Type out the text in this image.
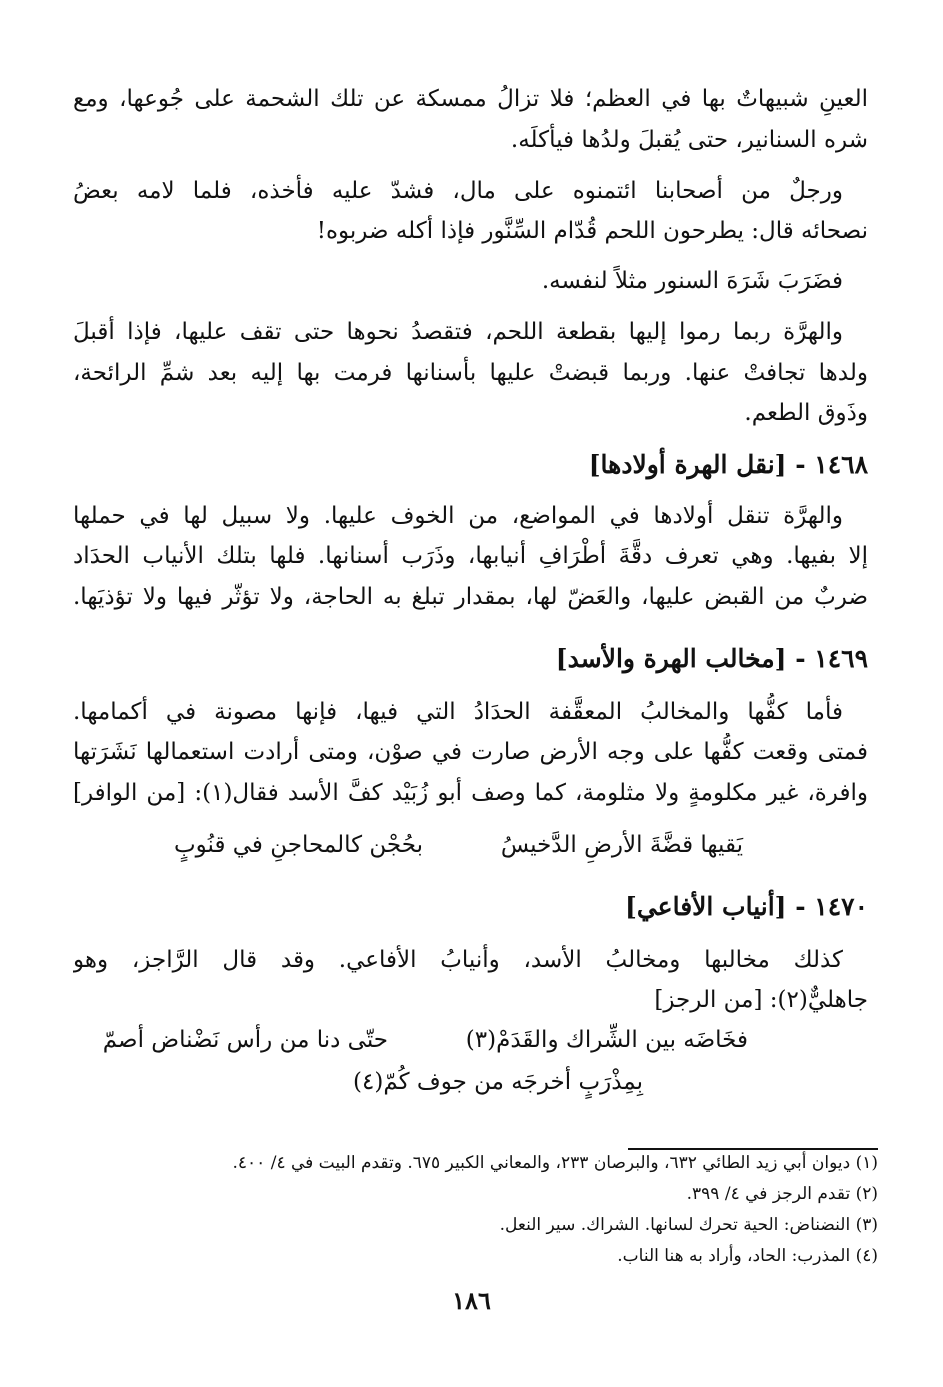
العينِ شبيهاتٌ بها في العظم؛ فلا تزالُ ممسكة عن تلك الشحمة على جُوعها، ومع
شره السنانير، حتى يُقبلَ ولدُها فيأكلَه.
ورجلٌ من أصحابنا ائتمنوه على مال، فشدّ عليه فأخذه، فلما لامه بعضُ
نصحائه قال: يطرحون اللحم قُدّام السِّنَّور فإذا أكله ضربوه!
فضَرَبَ شَرَهَ السنور مثلاً لنفسه.
والهرَّة ربما رموا إليها بقطعة اللحم، فتقصدُ نحوها حتى تقف عليها، فإذا أقبلَ
ولدها تجافتْ عنها. وربما قبضتْ عليها بأسنانها فرمت بها إليه بعد شمِّ الرائحة،
وذَوق الطعم.
١٤٦٨ - [نقل الهرة أولادها]
والهرَّة تنقل أولادها في المواضع، من الخوف عليها. ولا سبيل لها في حملها
إلا بفيها. وهي تعرف دقَّةَ أطْرَافِ أنيابها، وذَرَب أسنانها. فلها بتلك الأنياب الحدَاد
ضربٌ من القبض عليها، والعَضّ لها، بمقدار تبلغ به الحاجة، ولا تؤثّر فيها ولا تؤذيَها.
١٤٦٩ - [مخالب الهرة والأسد]
فأما كفُّها والمخالبُ المعقَّفة الحدَادُ التي فيها، فإنها مصونة في أكمامها.
فمتى وقعت كفُّها على وجه الأرض صارت في صوْن، ومتى أرادت استعمالها نَشَرَتها
وافرة، غير مكلومةٍ ولا مثلومة، كما وصف أبو زُبَيْد كفَّ الأسد فقال(١): [من الوافر]
بحُجْن كالمحاجنِ في قنُوبٍ	يَقيها قضَّةَ الأرضِ الدَّخيسُ
١٤٧٠ - [أنياب الأفاعي]
كذلك مخالبها ومخالبُ الأسد، وأنيابُ الأفاعي. وقد قال الرَّاجز، وهو
جاهليٌّ(٢): [من الرجز]
حتّى دنا من رأس نَضْناض أصمّ	فخَاضَه بين الشِّراك والقَدَمْ(٣)
بِمِذْرَبٍ أخرجَه من جوف كُمّ(٤)
(١) ديوان أبي زيد الطائي ٦٣٢، والبرصان ٢٣٣، والمعاني الكبير ٦٧٥. وتقدم البيت في ٤/ ٤٠٠.
(٢) تقدم الرجز في ٤/ ٣٩٩.
(٣) النضناض: الحية تحرك لسانها. الشراك. سير النعل.
(٤) المذرب: الحاد، وأراد به هنا الناب.
١٨٦
